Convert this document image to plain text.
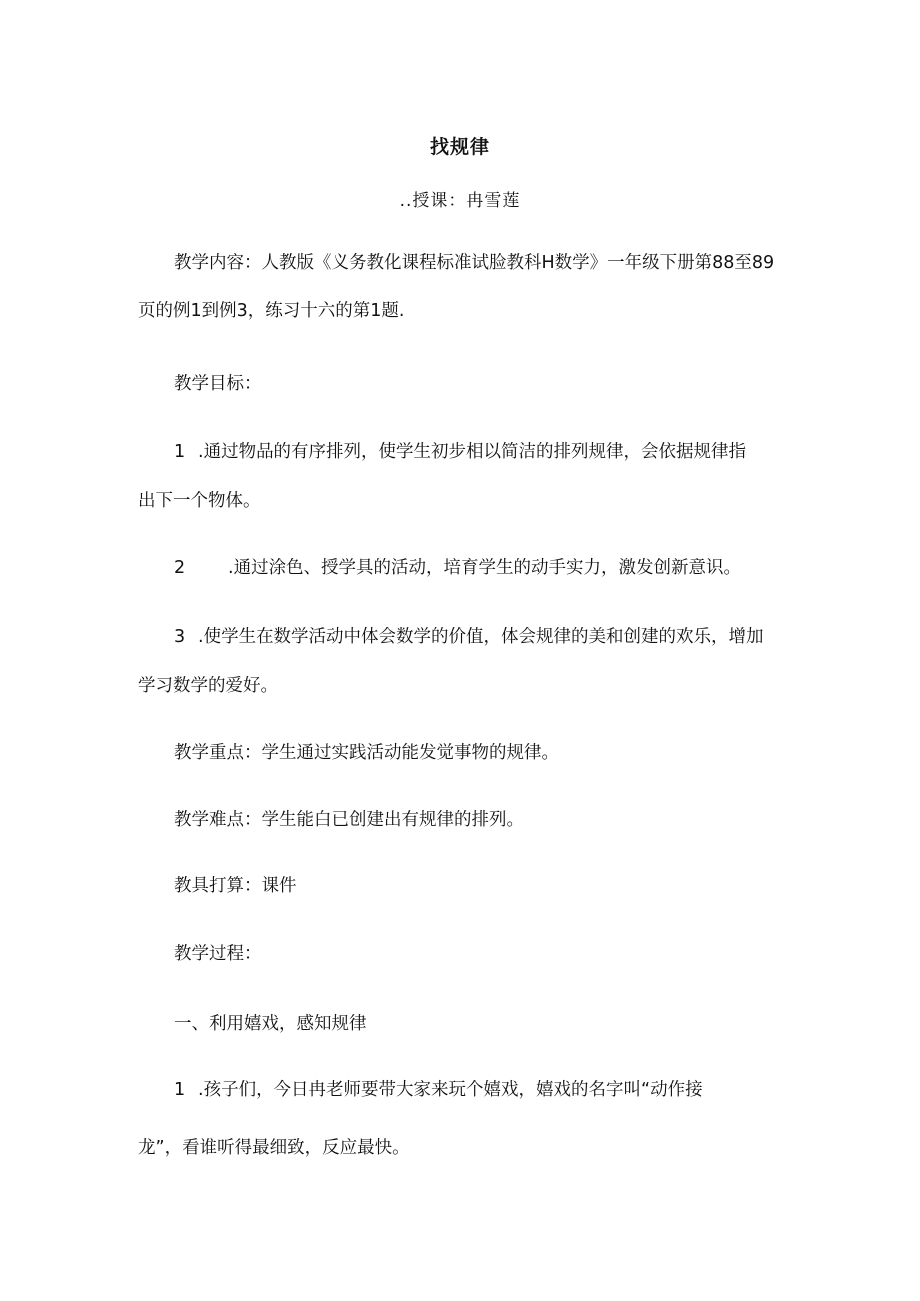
找规律
..授课：冉雪莲
教学内容：人教版《义务教化课程标准试脸教科H数学》一年级下册第88至89
页的例1到例3，练习十六的第1题.
教学目标：
1 .通过物品的有序排列，使学生初步相以简洁的排列规律，会依据规律指
出下一个物体。
2 .通过涂色、授学具的活动，培育学生的动手实力，激发创新意识。
3 .使学生在数学活动中体会数学的价值，体会规律的美和创建的欢乐，增加
学习数学的爱好。
教学重点：学生通过实践活动能发觉事物的规律。
教学难点：学生能白已创建出有规律的排列。
教具打算：课件
教学过程：
一、利用嬉戏，感知规律
1 .孩子们，今日冉老师要带大家来玩个嬉戏，嬉戏的名字叫“动作接
龙”，看谁听得最细致，反应最快。
